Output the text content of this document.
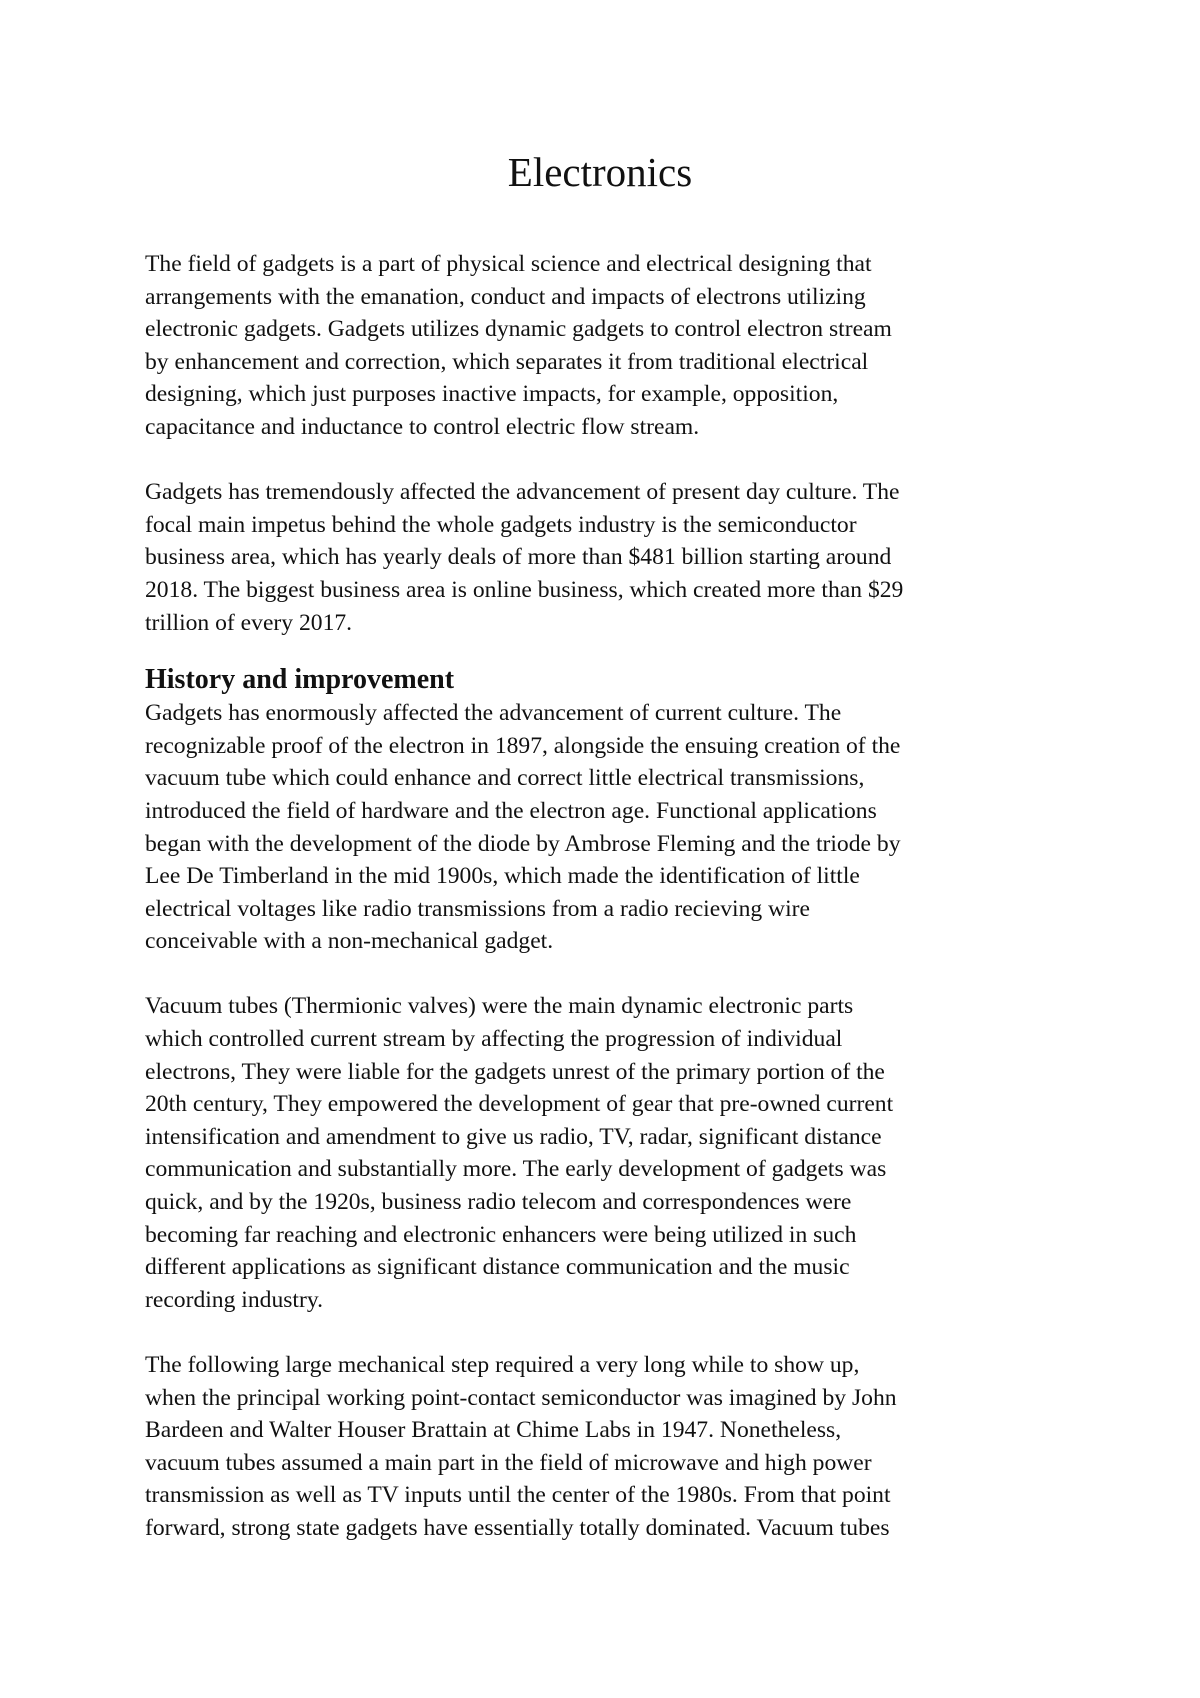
Electronics

The field of gadgets is a part of physical science and electrical designing that
arrangements with the emanation, conduct and impacts of electrons utilizing
electronic gadgets. Gadgets utilizes dynamic gadgets to control electron stream
by enhancement and correction, which separates it from traditional electrical
designing, which just purposes inactive impacts, for example, opposition,
capacitance and inductance to control electric flow stream.

Gadgets has tremendously affected the advancement of present day culture. The
focal main impetus behind the whole gadgets industry is the semiconductor
business area, which has yearly deals of more than $481 billion starting around
2018. The biggest business area is online business, which created more than $29
trillion of every 2017.

History and improvement

Gadgets has enormously affected the advancement of current culture. The
recognizable proof of the electron in 1897, alongside the ensuing creation of the
vacuum tube which could enhance and correct little electrical transmissions,
introduced the field of hardware and the electron age. Functional applications
began with the development of the diode by Ambrose Fleming and the triode by
Lee De Timberland in the mid 1900s, which made the identification of little
electrical voltages like radio transmissions from a radio recieving wire
conceivable with a non-mechanical gadget.

Vacuum tubes (Thermionic valves) were the main dynamic electronic parts
which controlled current stream by affecting the progression of individual
electrons, They were liable for the gadgets unrest of the primary portion of the
20th century, They empowered the development of gear that pre-owned current
intensification and amendment to give us radio, TV, radar, significant distance
communication and substantially more. The early development of gadgets was
quick, and by the 1920s, business radio telecom and correspondences were
becoming far reaching and electronic enhancers were being utilized in such
different applications as significant distance communication and the music
recording industry.

The following large mechanical step required a very long while to show up,
when the principal working point-contact semiconductor was imagined by John
Bardeen and Walter Houser Brattain at Chime Labs in 1947. Nonetheless,
vacuum tubes assumed a main part in the field of microwave and high power
transmission as well as TV inputs until the center of the 1980s. From that point
forward, strong state gadgets have essentially totally dominated. Vacuum tubes
